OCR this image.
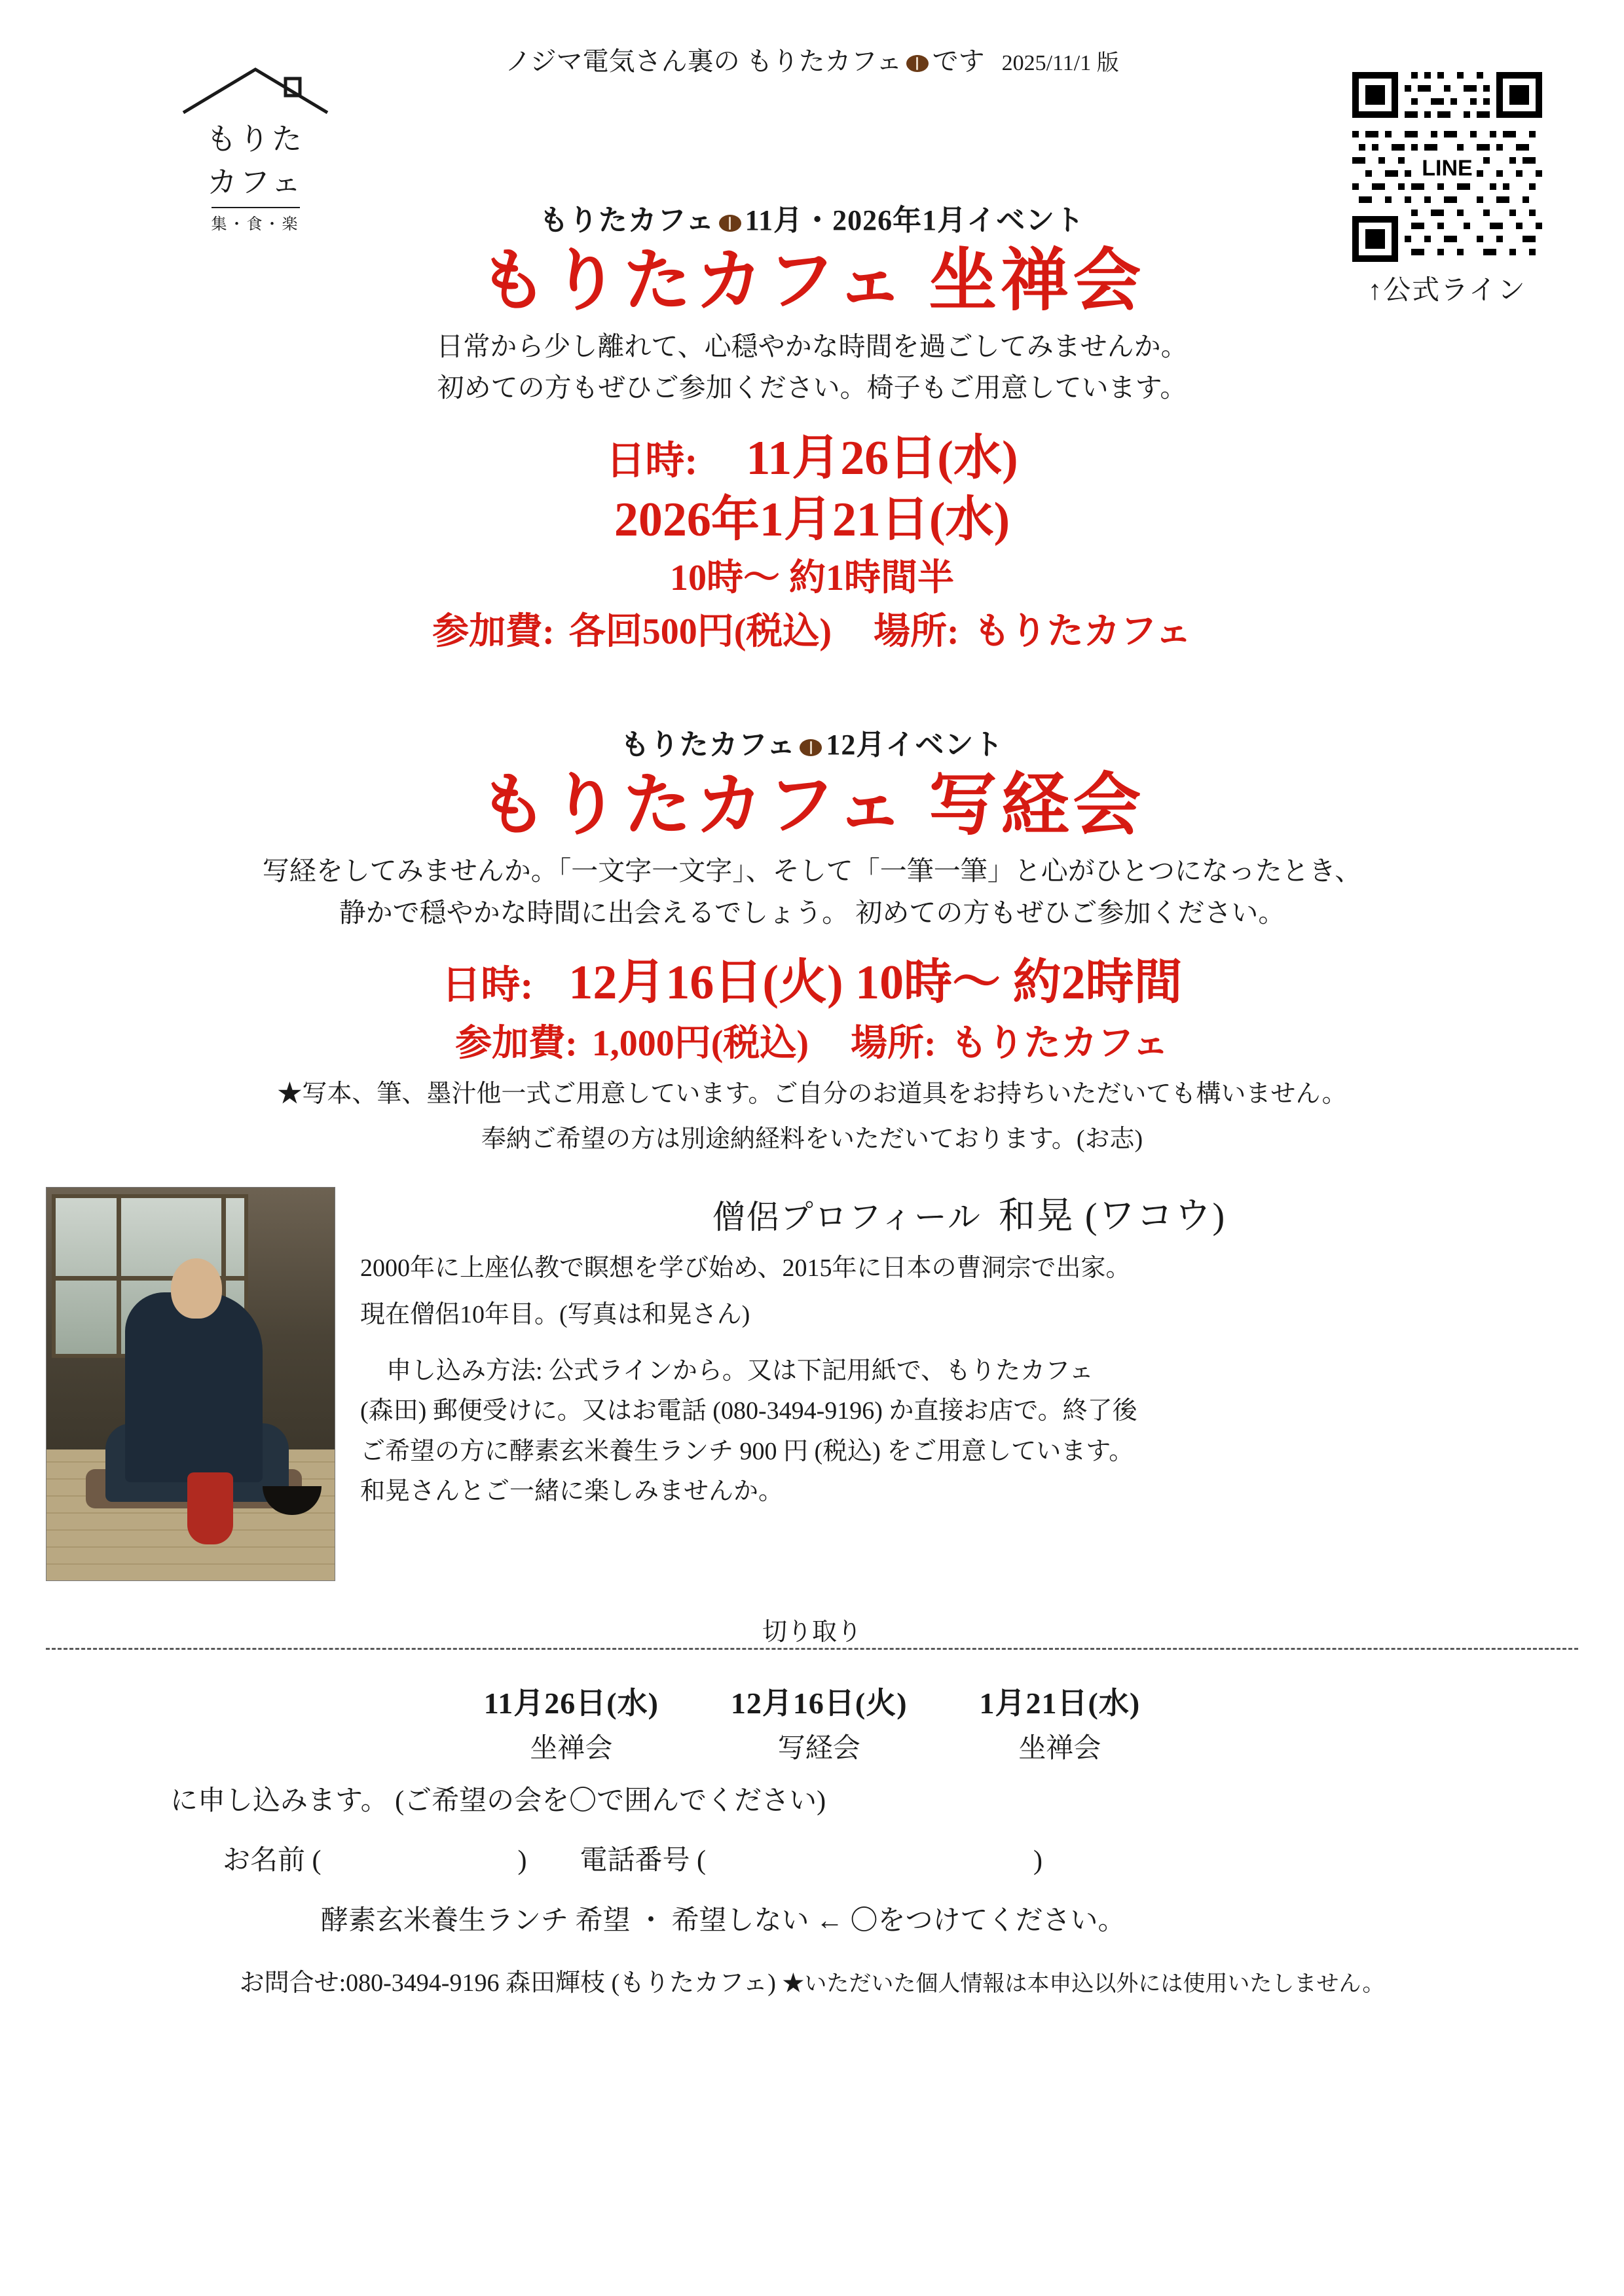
ノジマ電気さん裏の もりたカフェ です 2025/11/1 版
もりた
カフェ
集・食・楽
LINE
↑公式ライン
もりたカフェ 11月・2026年1月イベント
もりたカフェ 坐禅会
日常から少し離れて、心穏やかな時間を過ごしてみませんか。
初めての方もぜひご参加ください。椅子もご用意しています。
日時: 11月26日(水)
2026年1月21日(水)
10時〜 約1時間半
参加費: 各回500円(税込) 場所: もりたカフェ
もりたカフェ 12月イベント
もりたカフェ 写経会
写経をしてみませんか。「一文字一文字」、そして「一筆一筆」と心がひとつになったとき、
静かで穏やかな時間に出会えるでしょう。 初めての方もぜひご参加ください。
日時: 12月16日(火) 10時〜 約2時間
参加費: 1,000円(税込) 場所: もりたカフェ
★写本、筆、墨汁他一式ご用意しています。ご自分のお道具をお持ちいただいても構いません。
奉納ご希望の方は別途納経料をいただいております。(お志)
僧侶プロフィール 和晃 (ワコウ)

2000年に上座仏教で瞑想を学び始め、2015年に日本の曹洞宗で出家。

現在僧侶10年目。(写真は和晃さん)

申し込み方法: 公式ラインから。又は下記用紙で、もりたカフェ

(森田) 郵便受けに。又はお電話 (080-3494-9196) か直接お店で。終了後

ご希望の方に酵素玄米養生ランチ 900 円 (税込) をご用意しています。

和晃さんとご一緒に楽しみませんか。

切り取り
11月26日(水)
坐禅会
12月16日(火)
写経会
1月21日(水)
坐禅会
に申し込みます。 (ご希望の会を〇で囲んでください)
お名前 (	) 電話番号 (	)
酵素玄米養生ランチ 希望 ・ 希望しない ← 〇をつけてください。
お問合せ:080-3494-9196 森田輝枝 (もりたカフェ) ★いただいた個人情報は本申込以外には使用いたしません。
